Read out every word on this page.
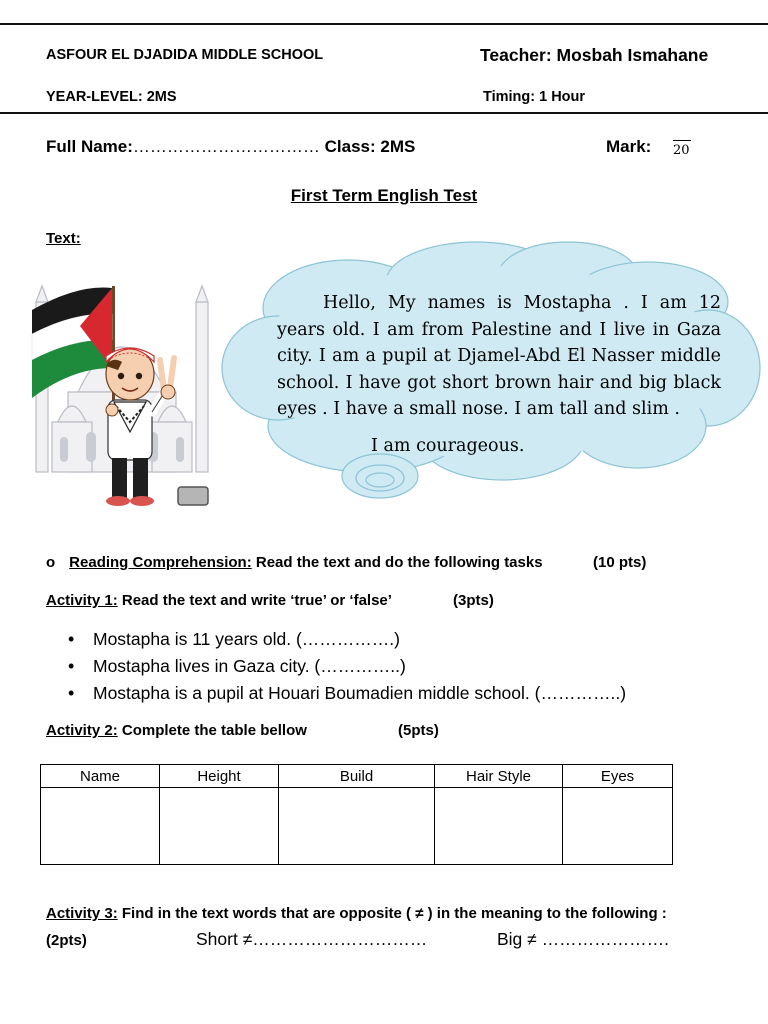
ASFOUR EL DJADIDA MIDDLE SCHOOL	Teacher: Mosbah Ismahane
YEAR-LEVEL: 2MS	Timing: 1 Hour
Full Name:…………………………… Class: 2MS	Mark: 20
First Term English Test
Text:
Hello, My names is Mostapha . I am 12 years old. I am from Palestine and I live in Gaza city. I am a pupil at Djamel-Abd El Nasser middle school. I have got short brown hair and big black eyes . I have a small nose. I am tall and slim .
I am courageous.
o Reading Comprehension: Read the text and do the following tasks	(10 pts)
Activity 1: Read the text and write ‘true’ or ‘false’	(3pts)
• Mostapha is 11 years old. (…………….)
• Mostapha lives in Gaza city. (…………..)
• Mostapha is a pupil at Houari Boumadien middle school. (…………..)
Activity 2: Complete the table bellow	(5pts)
Name	Height	Build	Hair Style	Eyes

Activity 3: Find in the text words that are opposite ( ≠ ) in the meaning to the following :
(2pts)	Short ≠…………………………	Big ≠ ………………….
